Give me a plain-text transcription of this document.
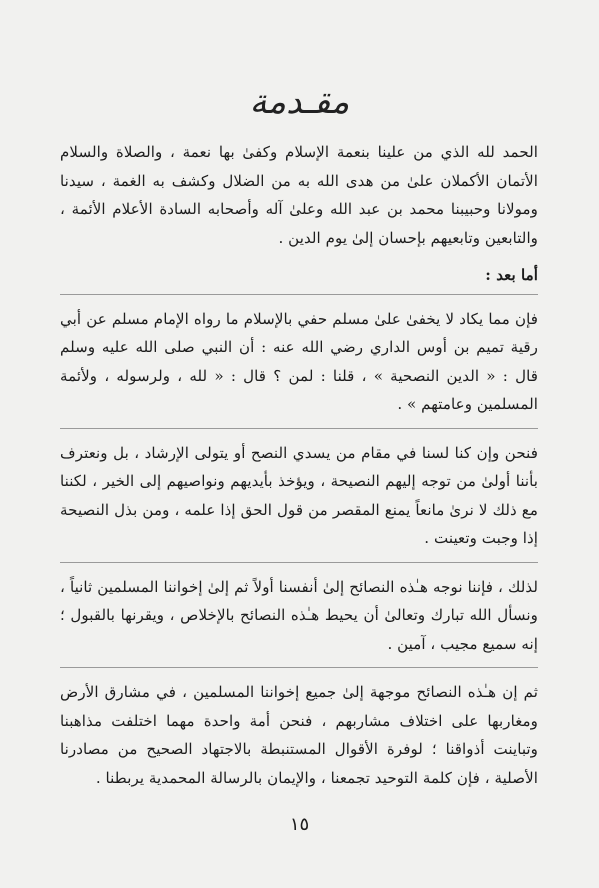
مقـدمة

الحمد لله الذي من علينا بنعمة الإسلام وكفىٰ بها نعمة ، والصلاة والسلام الأتمان الأكملان علىٰ من هدى الله به من الضلال وكشف به الغمة ، سيدنا ومولانا وحبيبنا محمد بن عبد الله وعلىٰ آله وأصحابه السادة الأعلام الأئمة ، والتابعين وتابعيهم بإحسان إلىٰ يوم الدين .

أما بعد :

فإن مما يكاد لا يخفىٰ علىٰ مسلم حفي بالإسلام ما رواه الإمام مسلم عن أبي رقية تميم بن أوس الداري رضي الله عنه : أن النبي صلى الله عليه وسلم قال : « الدين النصحية » ، قلنا : لمن ؟ قال : « لله ، ولرسوله ، ولأئمة المسلمين وعامتهم » .

فنحن وإن كنا لسنا في مقام من يسدي النصح أو يتولى الإرشاد ، بل ونعترف بأننا أولىٰ من توجه إليهم النصيحة ، ويؤخذ بأيديهم ونواصيهم إلى الخير ، لكننا مع ذلك لا نرىٰ مانعاً يمنع المقصر من قول الحق إذا علمه ، ومن بذل النصيحة إذا وجبت وتعينت .

لذلك ، فإننا نوجه هـٰذه النصائح إلىٰ أنفسنا أولاً ثم إلىٰ إخواننا المسلمين ثانياً ، ونسأل الله تبارك وتعالىٰ أن يحيط هـٰذه النصائح بالإخلاص ، ويقرنها بالقبول ؛ إنه سميع مجيب ، آمين .

ثم إن هـٰذه النصائح موجهة إلىٰ جميع إخواننا المسلمين ، في مشارق الأرض ومغاربها على اختلاف مشاربهم ، فنحن أمة واحدة مهما اختلفت مذاهبنا وتباينت أذواقنا ؛ لوفرة الأقوال المستنبطة بالاجتهاد الصحيح من مصادرنا الأصلية ، فإن كلمة التوحيد تجمعنا ، والإيمان بالرسالة المحمدية يربطنا .

١٥
